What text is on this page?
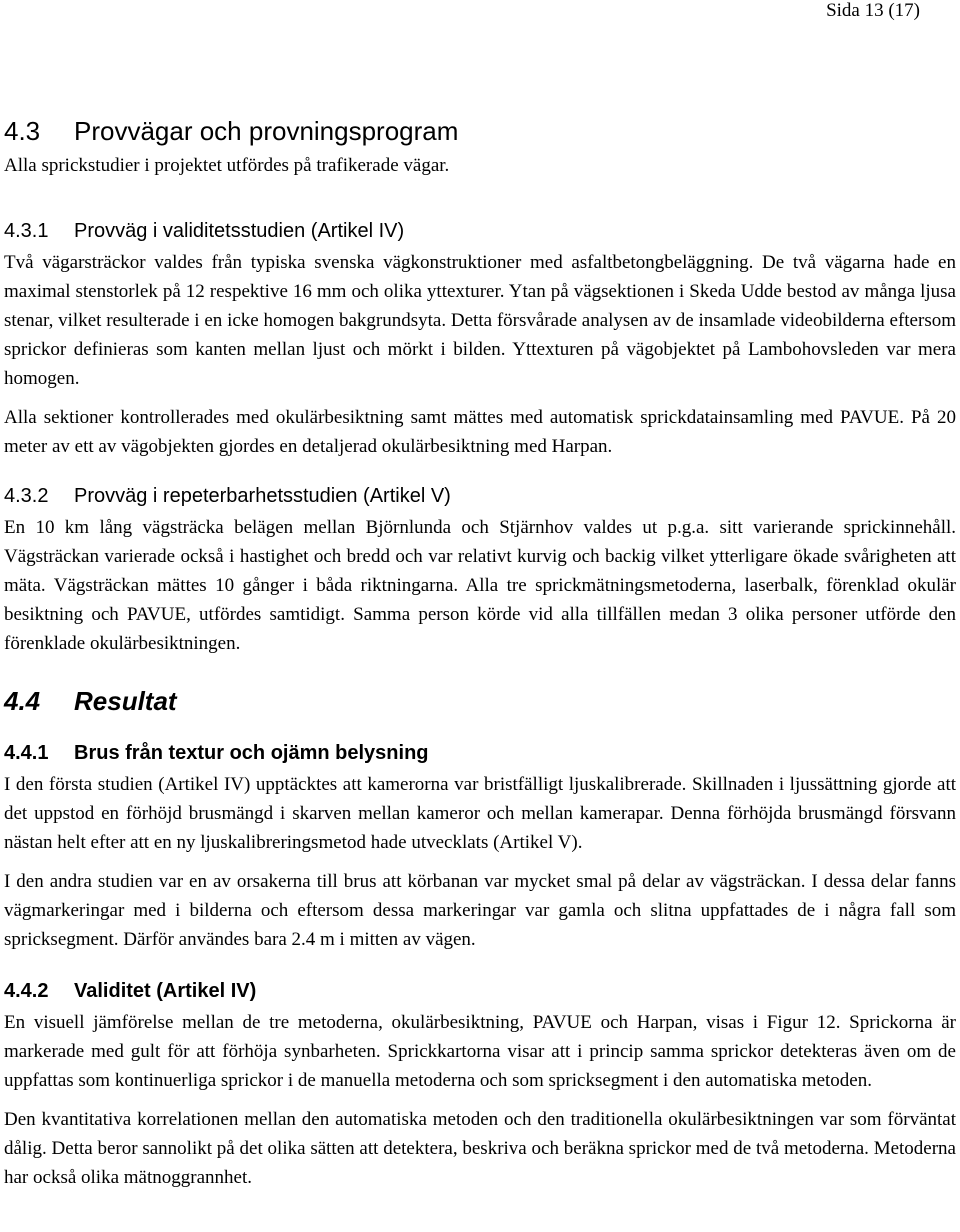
Sida 13 (17)
4.3 Provvägar och provningsprogram

Alla sprickstudier i projektet utfördes på trafikerade vägar.

4.3.1 Provväg i validitetsstudien (Artikel IV)

Två vägarsträckor valdes från typiska svenska vägkonstruktioner med asfaltbetongbeläggning. De två vägarna hade en maximal stenstorlek på 12 respektive 16 mm och olika yttexturer. Ytan på vägsektionen i Skeda Udde bestod av många ljusa stenar, vilket resulterade i en icke homogen bakgrundsyta. Detta försvårade analysen av de insamlade videobilderna eftersom sprickor definieras som kanten mellan ljust och mörkt i bilden. Yttexturen på vägobjektet på Lambohovsleden var mera homogen.

Alla sektioner kontrollerades med okulärbesiktning samt mättes med automatisk sprickdatainsamling med PAVUE. På 20 meter av ett av vägobjekten gjordes en detaljerad okulärbesiktning med Harpan.

4.3.2 Provväg i repeterbarhetsstudien (Artikel V)

En 10 km lång vägsträcka belägen mellan Björnlunda och Stjärnhov valdes ut p.g.a. sitt varierande sprickinnehåll. Vägsträckan varierade också i hastighet och bredd och var relativt kurvig och backig vilket ytterligare ökade svårigheten att mäta. Vägsträckan mättes 10 gånger i båda riktningarna. Alla tre sprickmätningsmetoderna, laserbalk, förenklad okulär besiktning och PAVUE, utfördes samtidigt. Samma person körde vid alla tillfällen medan 3 olika personer utförde den förenklade okulärbesiktningen.

4.4 Resultat
4.4.1 Brus från textur och ojämn belysning

I den första studien (Artikel IV) upptäcktes att kamerorna var bristfälligt ljuskalibrerade. Skillnaden i ljussättning gjorde att det uppstod en förhöjd brusmängd i skarven mellan kameror och mellan kamerapar. Denna förhöjda brusmängd försvann nästan helt efter att en ny ljuskalibreringsmetod hade utvecklats (Artikel V).

I den andra studien var en av orsakerna till brus att körbanan var mycket smal på delar av vägsträckan. I dessa delar fanns vägmarkeringar med i bilderna och eftersom dessa markeringar var gamla och slitna uppfattades de i några fall som spricksegment. Därför användes bara 2.4 m i mitten av vägen.

4.4.2 Validitet (Artikel IV)

En visuell jämförelse mellan de tre metoderna, okulärbesiktning, PAVUE och Harpan, visas i Figur 12. Sprickorna är markerade med gult för att förhöja synbarheten. Sprickkartorna visar att i princip samma sprickor detekteras även om de uppfattas som kontinuerliga sprickor i de manuella metoderna och som spricksegment i den automatiska metoden.

Den kvantitativa korrelationen mellan den automatiska metoden och den traditionella okulärbesiktningen var som förväntat dålig. Detta beror sannolikt på det olika sätten att detektera, beskriva och beräkna sprickor med de två metoderna. Metoderna har också olika mätnoggrannhet.
